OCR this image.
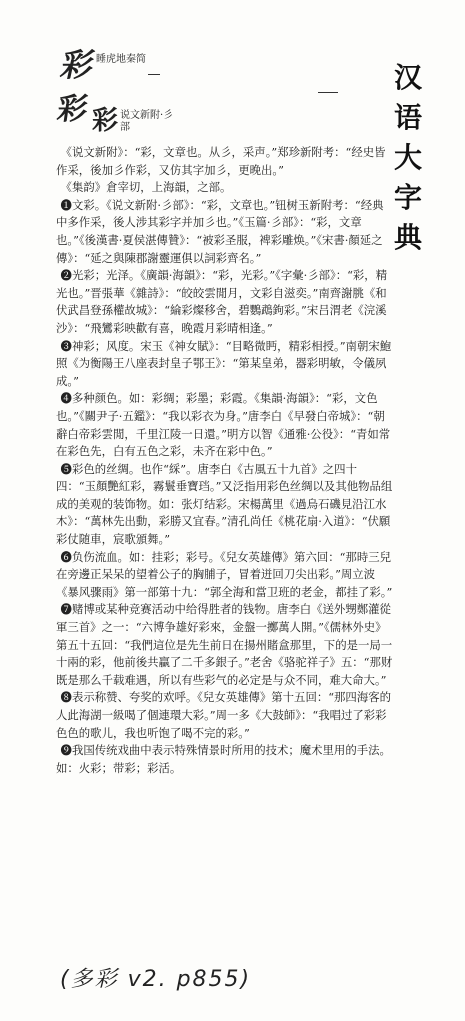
彩
睡虎地秦简
彩 彩 说文新附·彡部
汉
语
大
字
典

《说文新附》：“彩，文章也。从彡，采声。”郑珍新附考：“经史皆作采，後加彡作彩，又仿其字加彡，更晚出。”

《集韵》倉宰切，上海韻，之部。

❶文彩。《说文新附·彡部》：“彩，文章也。”钮树玉新附考：“经典中多作采，後人涉其彩字并加彡也。”《玉篇·彡部》：“彩，文章也。”《後漢書·夏侯湛傳贊》：“被彩圣服，裨彩雕焕。”《宋書·顏延之傳》：“延之與陳郡謝靈運俱以詞彩齊名。”

❷光彩；光泽。《廣韻·海韻》：“彩，光彩。”《字彙·彡部》：“彩，精光也。”晋張華《雜詩》：“皎皎雲閒月，文彩自滋奕。”南齊謝朓《和伏武昌登孫權故城》：“綸彩燦移舍，碧鸚鵡鉤彩。”宋吕渭老《浣溪沙》：“飛鸞彩映歡有喜，晚霞月彩晴相逢。”

❸神彩；风度。宋玉《神女賦》：“目略微眄，精彩相授。”南朝宋鮑照《为衡陽王八座表封皇子鄂王》：“第某皇弟，器彩明敏，令儀夙成。”

❹多种颜色。如：彩绸；彩墨；彩霞。《集韻·海韻》：“彩，文色也。”《關尹子·五鑑》：“我以彩衣为身。”唐李白《早發白帝城》：“朝辭白帝彩雲閒，千里江陵一日還。”明方以智《通雅·公役》：“青如常在彩色先，白有五色之彩，未齐在彩中色。”

❺彩色的丝绸。也作“綵”。唐李白《古風五十九首》之四十四：“玉顏艷紅彩，霧鬟垂寶珰。”又泛指用彩色丝绸以及其他物品组成的美观的装饰物。如：张灯结彩。宋楊萬里《過烏石磯見沿江水木》：“萬林先出動，彩勝又宜春。”清孔尚任《桃花扇·入道》：“伏願彩仗随車，宸歌頒舞。”

❻负伤流血。如：挂彩；彩号。《兒女英雄傳》第六回：“那時三兒在旁邊正呆呆的望着公子的胸脯子，冒着迸回刀尖出彩。”周立波《暴风骤雨》第一部第十九：“郭全海和當卫班的老金，都挂了彩。”

❼赌博或某种竞赛活动中给得胜者的钱物。唐李白《送外甥鄭灌從軍三首》之一：“六博争雄好彩來，金盤一擲萬人開。”《儒林外史》第五十五回：“我們這位是先生前日在揚州賭盒那里，下的是一局一十兩的彩，他前後共贏了二千多銀子。”老舍《骆驼祥子》五：“那财既是那么千载难遇，所以有些彩气的必定是与众不同，难大命大。”

❽表示称赞、夸奖的欢呼。《兒女英雄傳》第十五回：“那四海客的人此海湖一級喝了個連環大彩。”周一多《大鼓師》：“我唱过了彩彩色色的歌儿，我也听饱了喝不完的彩。”

❾我国传统戏曲中表示特殊情景时所用的技术；魔术里用的手法。如：火彩；带彩；彩活。

(多彩 v2. p855)
